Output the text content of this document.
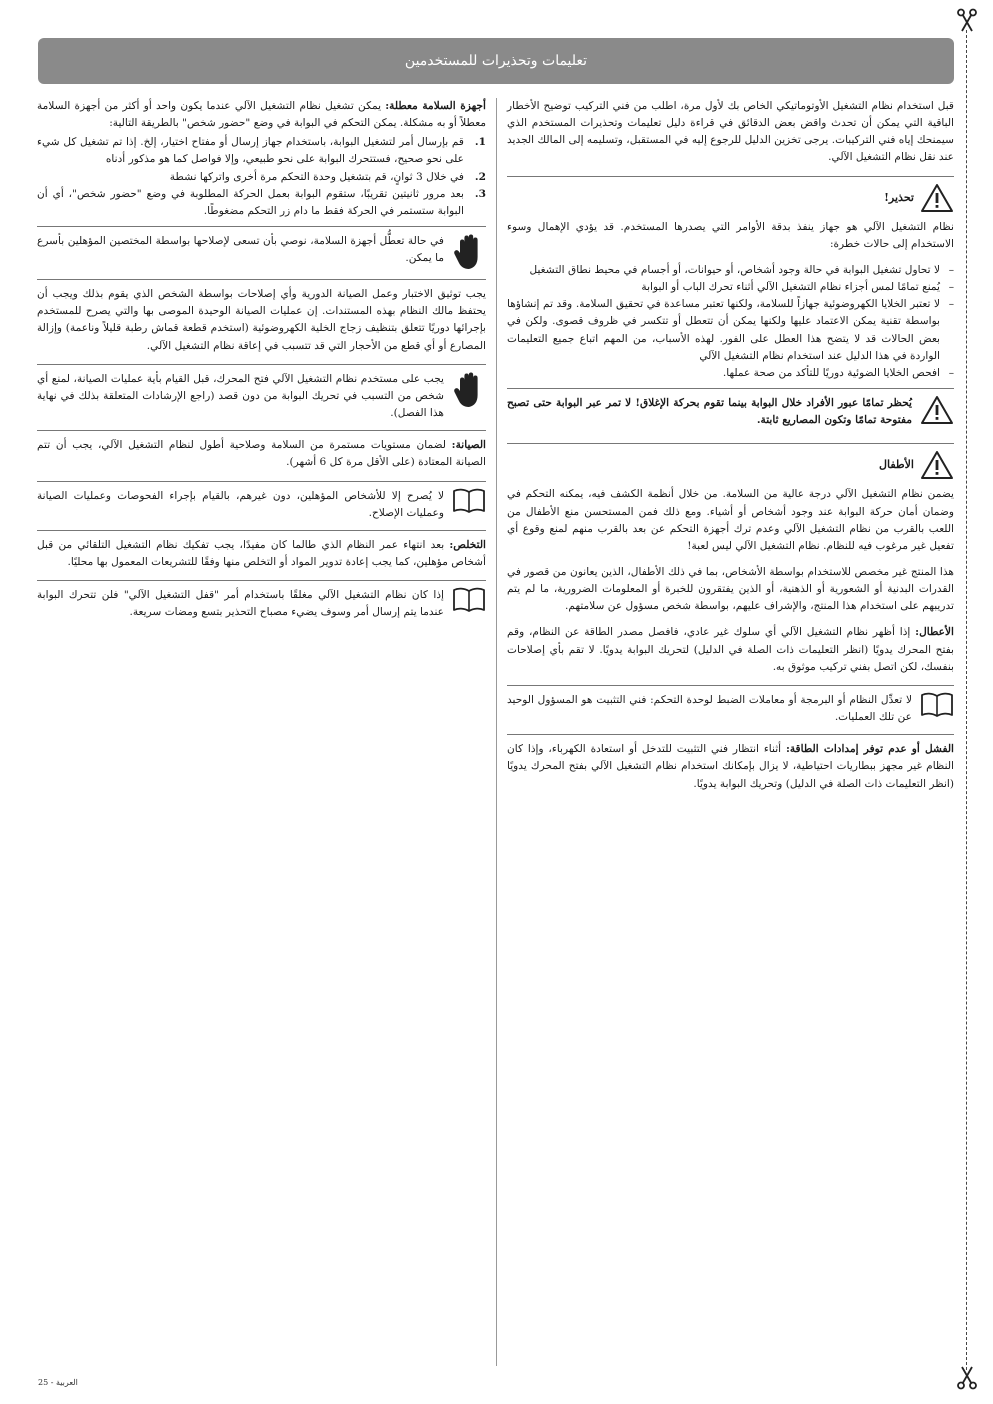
تعليمات وتحذيرات للمستخدمين

قبل استخدام نظام التشغيل الأوتوماتيكي الخاص بك لأول مرة، اطلب من فني التركيب توضيح الأخطار الباقية التي يمكن أن تحدث واقض بعض الدقائق في قراءة دليل تعليمات وتحذيرات المستخدم الذي سيمنحك إياه فني التركيبات. يرجى تخزين الدليل للرجوع إليه في المستقبل، وتسليمه إلى المالك الجديد عند نقل نظام التشغيل الآلي.

تحذير!

نظام التشغيل الآلي هو جهاز ينفذ بدقة الأوامر التي يصدرها المستخدم. قد يؤدي الإهمال وسوء الاستخدام إلى حالات خطرة:

– لا تحاول تشغيل البوابة في حالة وجود أشخاص، أو حيوانات، أو أجسام في محيط نطاق التشغيل
– يُمنع تمامًا لمس أجزاء نظام التشغيل الآلي أثناء تحرك الباب أو البوابة
– لا تعتبر الخلايا الكهروضوئية جهازاً للسلامة، ولكنها تعتبر مساعدة في تحقيق السلامة. وقد تم إنشاؤها بواسطة تقنية يمكن الاعتماد عليها ولكنها يمكن أن تتعطل أو تتكسر في ظروف قصوى. ولكن في بعض الحالات قد لا يتضح هذا العطل على الفور. لهذه الأسباب، من المهم اتباع جميع التعليمات الواردة في هذا الدليل عند استخدام نظام التشغيل الآلي
– افحص الخلايا الضوئية دوريًا للتأكد من صحة عملها.
يُحظر تمامًا عبور الأفراد خلال البوابة بينما تقوم بحركة الإغلاق! لا تمر عبر البوابة حتى تصبح مفتوحة تمامًا وتكون المصاريع ثابتة.
الأطفال

يضمن نظام التشغيل الآلي درجة عالية من السلامة. من خلال أنظمة الكشف فيه، يمكنه التحكم في وضمان أمان حركة البوابة عند وجود أشخاص أو أشياء. ومع ذلك فمن المستحسن منع الأطفال من اللعب بالقرب من نظام التشغيل الآلي وعدم ترك أجهزة التحكم عن بعد بالقرب منهم لمنع وقوع أي تفعيل غير مرغوب فيه للنظام. نظام التشغيل الآلي ليس لعبة!

هذا المنتج غير مخصص للاستخدام بواسطة الأشخاص، بما في ذلك الأطفال، الذين يعانون من قصور في القدرات البدنية أو الشعورية أو الذهنية، أو الذين يفتقرون للخبرة أو المعلومات الضرورية، ما لم يتم تدريبهم على استخدام هذا المنتج، والإشراف عليهم، بواسطة شخص مسؤول عن سلامتهم.

الأعطال: إذا أظهر نظام التشغيل الآلي أي سلوك غير عادي، فافصل مصدر الطاقة عن النظام، وقم بفتح المحرك يدويًا (انظر التعليمات ذات الصلة في الدليل) لتحريك البوابة يدويًا. لا تقم بأي إصلاحات بنفسك، لكن اتصل بفني تركيب موثوق به.

لا تعدِّل النظام أو البرمجة أو معاملات الضبط لوحدة التحكم: فني التثبيت هو المسؤول الوحيد عن تلك العمليات.

الفشل أو عدم توفر إمدادات الطاقة: أثناء انتظار فني التثبيت للتدخل أو استعادة الكهرباء، وإذا كان النظام غير مجهز ببطاريات احتياطية، لا يزال بإمكانك استخدام نظام التشغيل الآلي بفتح المحرك يدويًا (انظر التعليمات ذات الصلة في الدليل) وتحريك البوابة يدويًا.

أجهزة السلامة معطلة: يمكن تشغيل نظام التشغيل الآلي عندما يكون واحد أو أكثر من أجهزة السلامة معطلاً أو به مشكلة. يمكن التحكم في البوابة في وضع "حضور شخص" بالطريقة التالية:

1.
قم بإرسال أمر لتشغيل البوابة، باستخدام جهاز إرسال أو مفتاح اختيار، إلخ. إذا تم تشغيل كل شيء على نحو صحيح، فستتحرك البوابة على نحو طبيعي، وإلا فواصل كما هو مذكور أدناه
2.
في خلال 3 ثوانٍ، قم بتشغيل وحدة التحكم مرة أخرى واتركها نشطة
3.
بعد مرور ثانيتين تقريبًا، ستقوم البوابة بعمل الحركة المطلوبة في وضع "حضور شخص"، أي أن البوابة ستستمر في الحركة فقط ما دام زر التحكم مضغوطًا.
في حالة تعطُّل أجهزة السلامة، نوصي بأن تسعى لإصلاحها بواسطة المختصين المؤهلين بأسرع ما يمكن.

يجب توثيق الاختبار وعمل الصيانة الدورية وأي إصلاحات بواسطة الشخص الذي يقوم بذلك ويجب أن يحتفظ مالك النظام بهذه المستندات. إن عمليات الصيانة الوحيدة الموصى بها والتي يصرح للمستخدم بإجرائها دوريًا تتعلق بتنظيف زجاج الخلية الكهروضوئية (استخدم قطعة قماش رطبة قليلاً وناعمة) وإزالة المصارع أو أي قطع من الأحجار التي قد تتسبب في إعاقة نظام التشغيل الآلي.

يجب على مستخدم نظام التشغيل الآلي فتح المحرك، قبل القيام بأية عمليات الصيانة، لمنع أي شخص من التسبب في تحريك البوابة من دون قصد (راجع الإرشادات المتعلقة بذلك في نهاية هذا الفصل).

الصيانة: لضمان مستويات مستمرة من السلامة وصلاحية أطول لنظام التشغيل الآلي، يجب أن تتم الصيانة المعتادة (على الأقل مرة كل 6 أشهر).

لا يُصرح إلا للأشخاص المؤهلين، دون غيرهم، بالقيام بإجراء الفحوصات وعمليات الصيانة وعمليات الإصلاح.

التخلص: بعد انتهاء عمر النظام الذي طالما كان مفيدًا، يجب تفكيك نظام التشغيل التلقائي من قبل أشخاص مؤهلين، كما يجب إعادة تدوير المواد أو التخلص منها وفقًا للتشريعات المعمول بها محليًا.

إذا كان نظام التشغيل الآلي مغلقًا باستخدام أمر "قفل التشغيل الآلي" فلن تتحرك البوابة عندما يتم إرسال أمر وسوف يضيء مصباح التحذير بتسع ومضات سريعة.
العربية - 25
